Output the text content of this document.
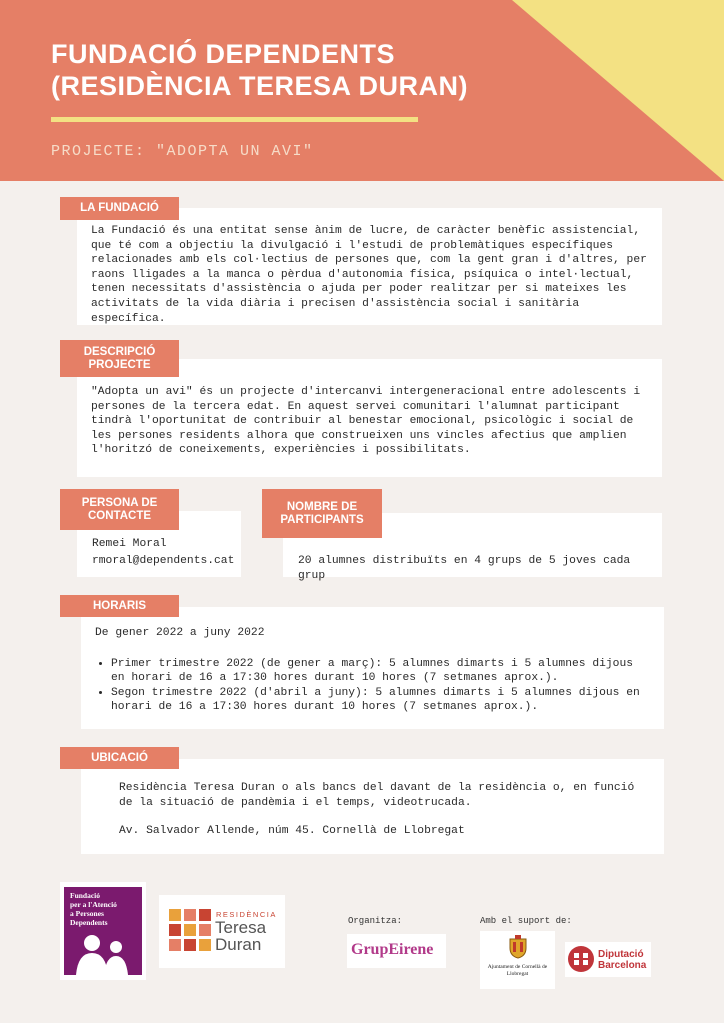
FUNDACIÓ DEPENDENTS
(RESIDÈNCIA TERESA DURAN)
PROJECTE: "ADOPTA UN AVI"
LA FUNDACIÓ

La Fundació és una entitat sense ànim de lucre, de caràcter benèfic assistencial, que té com a objectiu la divulgació i l'estudi de problemàtiques específiques relacionades amb els col·lectius de persones que, com la gent gran i d'altres, per raons lligades a la manca o pèrdua d'autonomia física, psíquica o intel·lectual, tenen necessitats d'assistència o ajuda per poder realitzar per si mateixes les activitats de la vida diària i precisen d'assistència social i sanitària específica.

DESCRIPCIÓ PROJECTE

"Adopta un avi" és un projecte d'intercanvi intergeneracional entre adolescents i persones de la tercera edat. En aquest servei comunitari l'alumnat participant tindrà l'oportunitat de contribuir al benestar emocional, psicològic i social de les persones residents alhora que construeixen uns vincles afectius que amplien l'horitzó de coneixements, experiències i possibilitats.

PERSONA DE CONTACTE

Remei Moral

rmoral@dependents.cat

NOMBRE DE PARTICIPANTS

20 alumnes distribuïts en 4 grups de 5 joves cada grup

HORARIS

De gener 2022 a juny 2022

• Primer trimestre 2022 (de gener a març): 5 alumnes dimarts i 5 alumnes dijous en horari de 16 a 17:30 hores durant 10 hores (7 setmanes aprox.).
• Segon trimestre 2022 (d'abril a juny): 5 alumnes dimarts i 5 alumnes dijous en horari de 16 a 17:30 hores durant 10 hores (7 setmanes aprox.).
UBICACIÓ

Residència Teresa Duran o als bancs del davant de la residència o, en funció de la situació de pandèmia i el temps, videotrucada.

Av. Salvador Allende, núm 45. Cornellà de Llobregat

Fundació
per a l'Atenció
a Persones
Dependents
RESIDÈNCIA
Teresa
Duran
Organitza:
GrupEirene
Amb el suport de:
Ajuntament de Cornellà de Llobregat
Diputació
Barcelona
